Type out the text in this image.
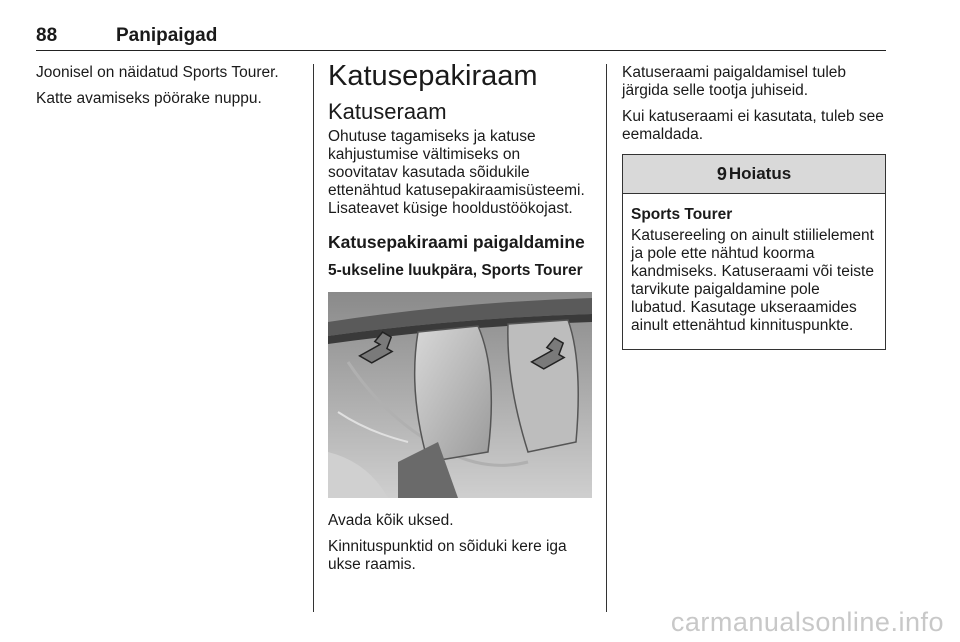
88	Panipaigad

Joonisel on näidatud Sports Tourer.

Katte avamiseks pöörake nuppu.

Katusepakiraam
Katuseraam

Ohutuse tagamiseks ja katuse kahjustumise vältimiseks on soovitatav kasutada sõidukile ettenähtud katusepakiraamisüsteemi. Lisateavet küsige hooldustöökojast.

Katusepakiraami paigaldamine
5-ukseline luukpära, Sports Tourer

Avada kõik uksed.

Kinnituspunktid on sõiduki kere iga ukse raamis.

Katuseraami paigaldamisel tuleb järgida selle tootja juhiseid.

Kui katuseraami ei kasutata, tuleb see eemaldada.

9 Hoiatus
Sports Tourer

Katusereeling on ainult stiilielement ja pole ette nähtud koorma kandmiseks. Katuseraami või teiste tarvikute paigaldamine pole lubatud. Kasutage ukseraamides ainult ettenähtud kinnituspunkte.

carmanualsonline.info
